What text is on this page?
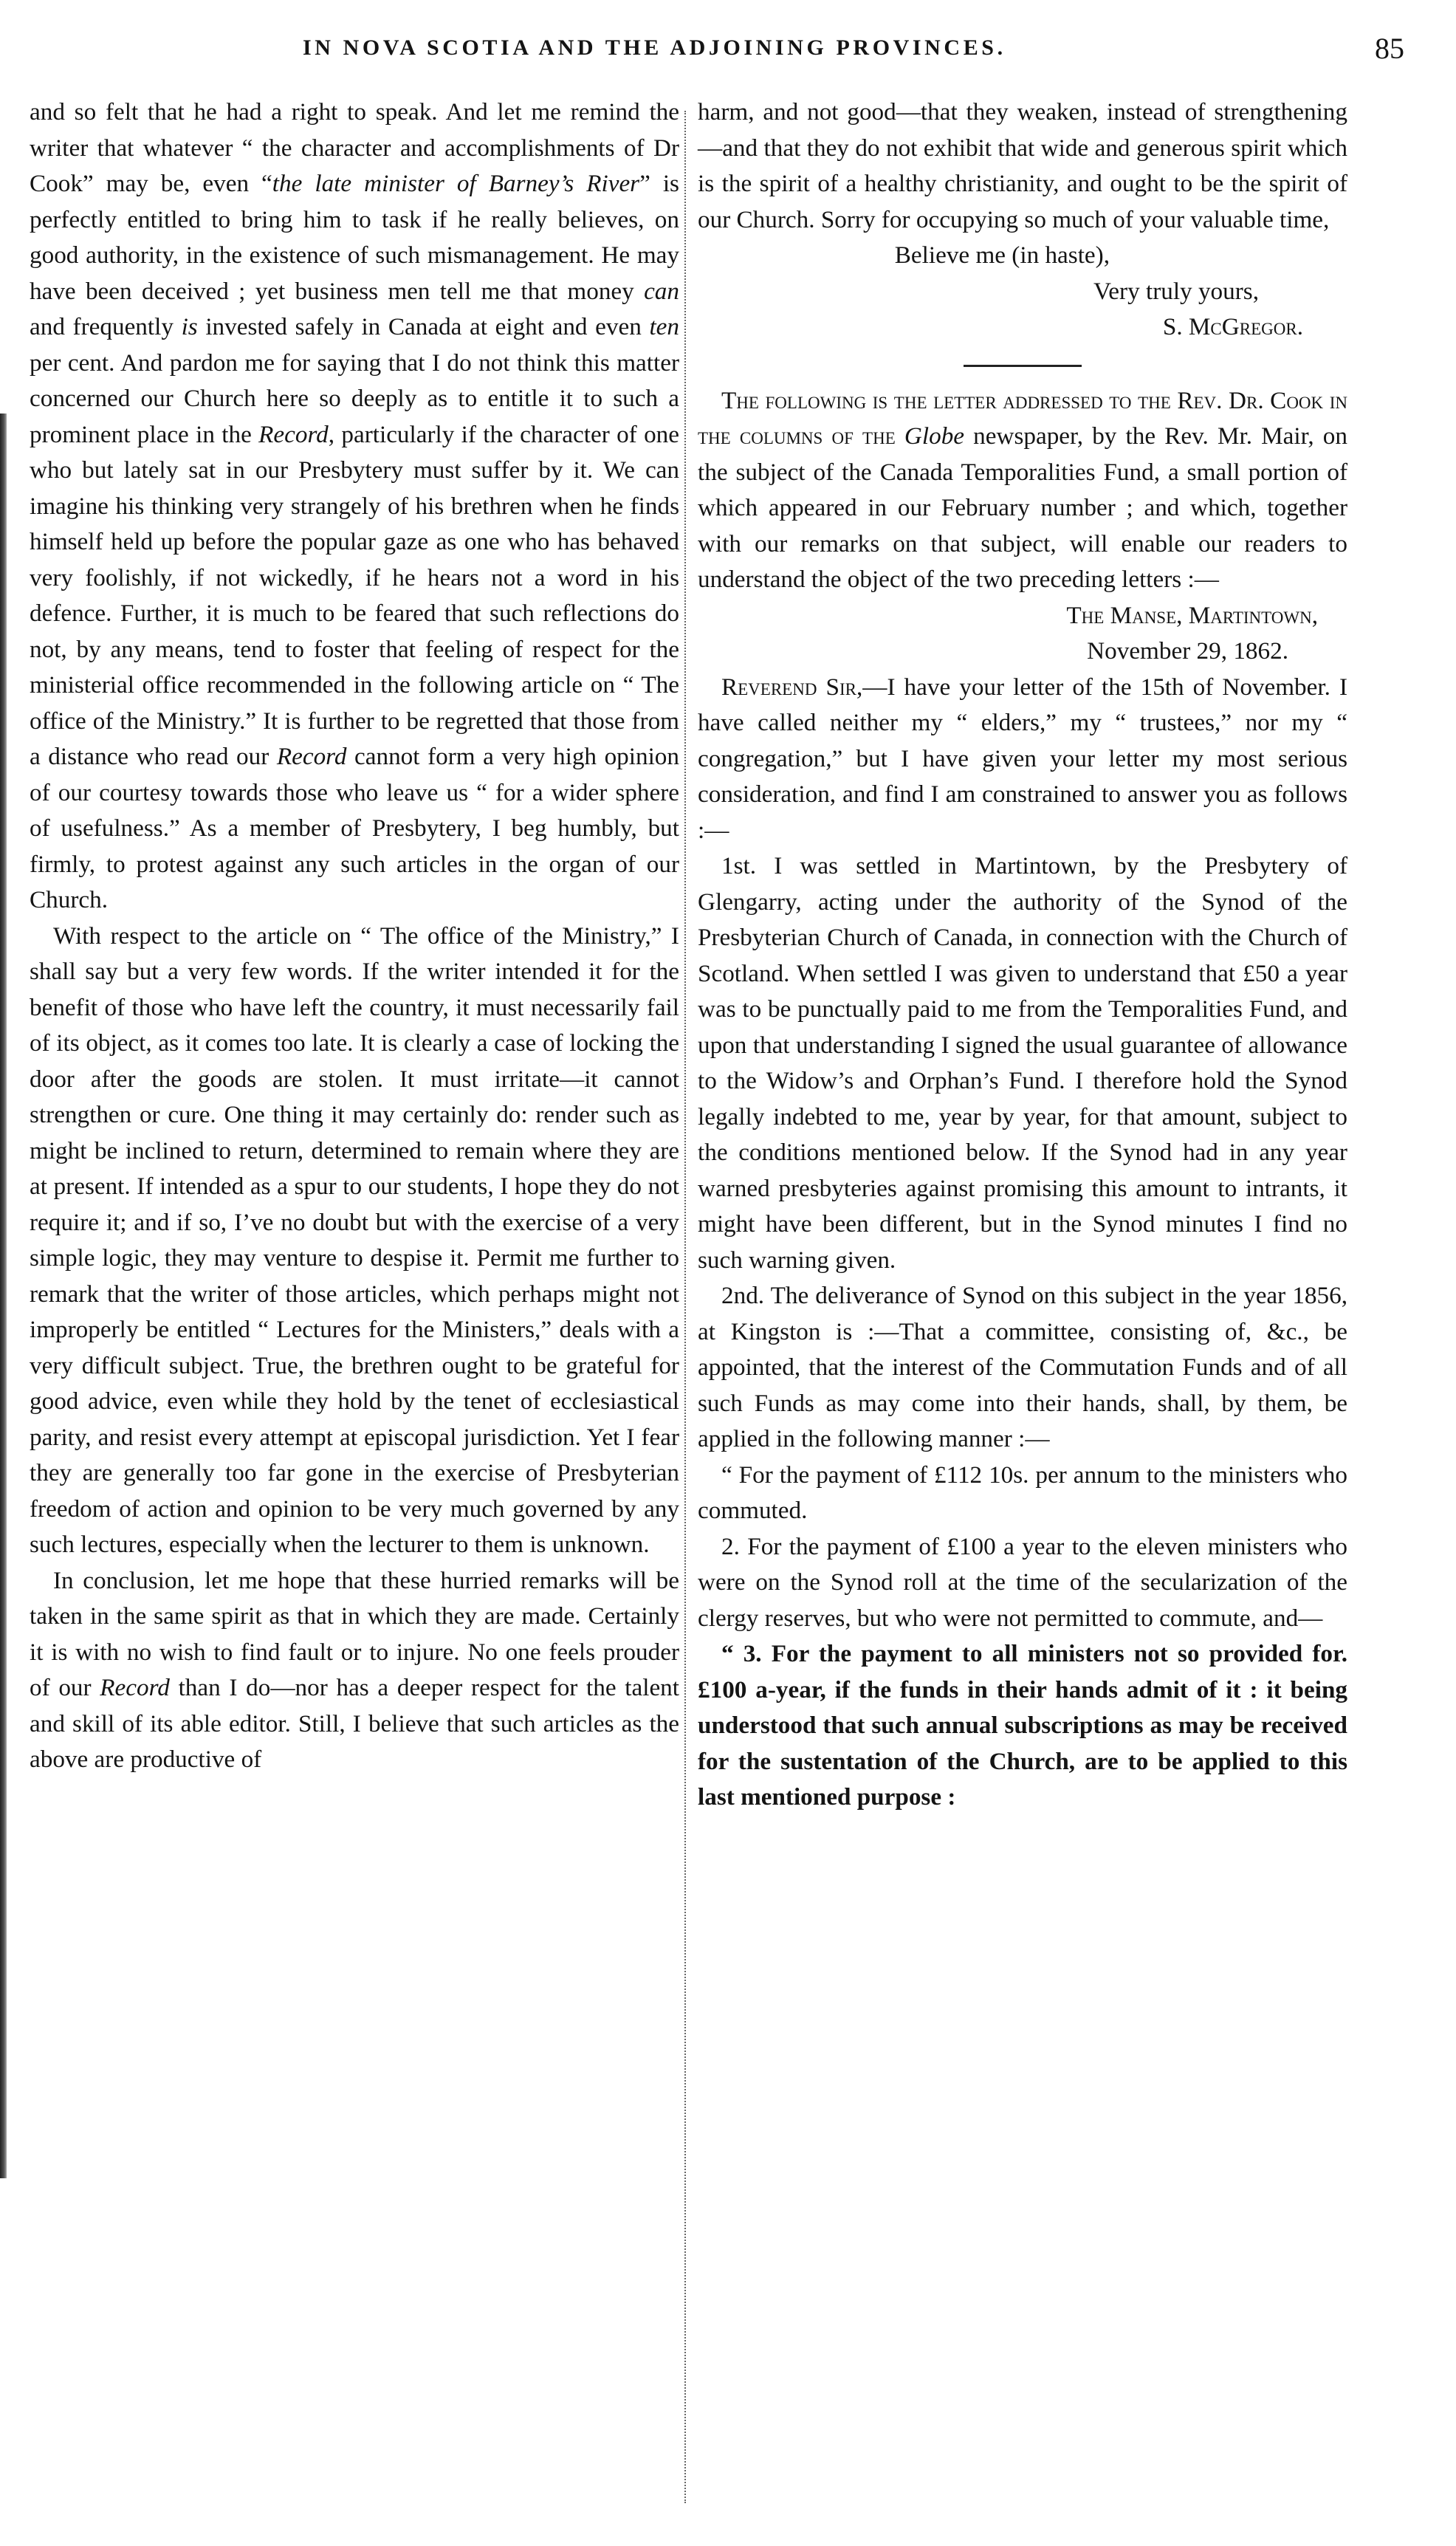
IN NOVA SCOTIA AND THE ADJOINING PROVINCES.	85

and so felt that he had a right to speak. And let me remind the writer that whatever “ the character and accomplishments of Dr Cook” may be, even “the late minister of Barney’s River” is perfectly entitled to bring him to task if he really believes, on good authority, in the existence of such mismanagement. He may have been deceived ; yet business men tell me that money can and frequently is invested safely in Canada at eight and even ten per cent. And pardon me for saying that I do not think this matter concerned our Church here so deeply as to entitle it to such a prominent place in the Record, particularly if the character of one who but lately sat in our Presbytery must suffer by it. We can imagine his thinking very strangely of his brethren when he finds himself held up before the popular gaze as one who has behaved very foolishly, if not wickedly, if he hears not a word in his defence. Further, it is much to be feared that such reflections do not, by any means, tend to foster that feeling of respect for the ministerial office recommended in the following article on “ The office of the Ministry.” It is further to be regretted that those from a distance who read our Record cannot form a very high opinion of our courtesy towards those who leave us “ for a wider sphere of usefulness.” As a member of Presbytery, I beg humbly, but firmly, to protest against any such articles in the organ of our Church.

With respect to the article on “ The office of the Ministry,” I shall say but a very few words. If the writer intended it for the benefit of those who have left the country, it must necessarily fail of its object, as it comes too late. It is clearly a case of locking the door after the goods are stolen. It must irritate—it cannot strengthen or cure. One thing it may certainly do: render such as might be inclined to return, determined to remain where they are at present. If intended as a spur to our students, I hope they do not require it; and if so, I’ve no doubt but with the exercise of a very simple logic, they may venture to despise it. Permit me further to remark that the writer of those articles, which perhaps might not improperly be entitled “ Lectures for the Ministers,” deals with a very difficult subject. True, the brethren ought to be grateful for good advice, even while they hold by the tenet of ecclesiastical parity, and resist every attempt at episcopal jurisdiction. Yet I fear they are generally too far gone in the exercise of Presbyterian freedom of action and opinion to be very much governed by any such lectures, especially when the lecturer to them is unknown.

In conclusion, let me hope that these hurried remarks will be taken in the same spirit as that in which they are made. Certainly it is with no wish to find fault or to injure. No one feels prouder of our Record than I do—nor has a deeper respect for the talent and skill of its able editor. Still, I believe that such articles as the above are productive of

harm, and not good—that they weaken, instead of strengthening—and that they do not exhibit that wide and generous spirit which is the spirit of a healthy christianity, and ought to be the spirit of our Church. Sorry for occupying so much of your valuable time,

Believe me (in haste),

Very truly yours,

S. McGregor.

The following is the letter addressed to the Rev. Dr. Cook in the columns of the Globe newspaper, by the Rev. Mr. Mair, on the subject of the Canada Temporalities Fund, a small portion of which appeared in our February number ; and which, together with our remarks on that subject, will enable our readers to understand the object of the two preceding letters :—

The Manse, Martintown,

November 29, 1862.

Reverend Sir,—I have your letter of the 15th of November. I have called neither my “ elders,” my “ trustees,” nor my “ congregation,” but I have given your letter my most serious consideration, and find I am constrained to answer you as follows :—

1st. I was settled in Martintown, by the Presbytery of Glengarry, acting under the authority of the Synod of the Presbyterian Church of Canada, in connection with the Church of Scotland. When settled I was given to understand that £50 a year was to be punctually paid to me from the Temporalities Fund, and upon that understanding I signed the usual guarantee of allowance to the Widow’s and Orphan’s Fund. I therefore hold the Synod legally indebted to me, year by year, for that amount, subject to the conditions mentioned below. If the Synod had in any year warned presbyteries against promising this amount to intrants, it might have been different, but in the Synod minutes I find no such warning given.

2nd. The deliverance of Synod on this subject in the year 1856, at Kingston is :—That a committee, consisting of, &c., be appointed, that the interest of the Commutation Funds and of all such Funds as may come into their hands, shall, by them, be applied in the following manner :—

“ For the payment of £112 10s. per annum to the ministers who commuted.

2. For the payment of £100 a year to the eleven ministers who were on the Synod roll at the time of the secularization of the clergy reserves, but who were not permitted to commute, and—

“ 3. For the payment to all ministers not so provided for. £100 a-year, if the funds in their hands admit of it : it being understood that such annual subscriptions as may be received for the sustentation of the Church, are to be applied to this last mentioned purpose :
